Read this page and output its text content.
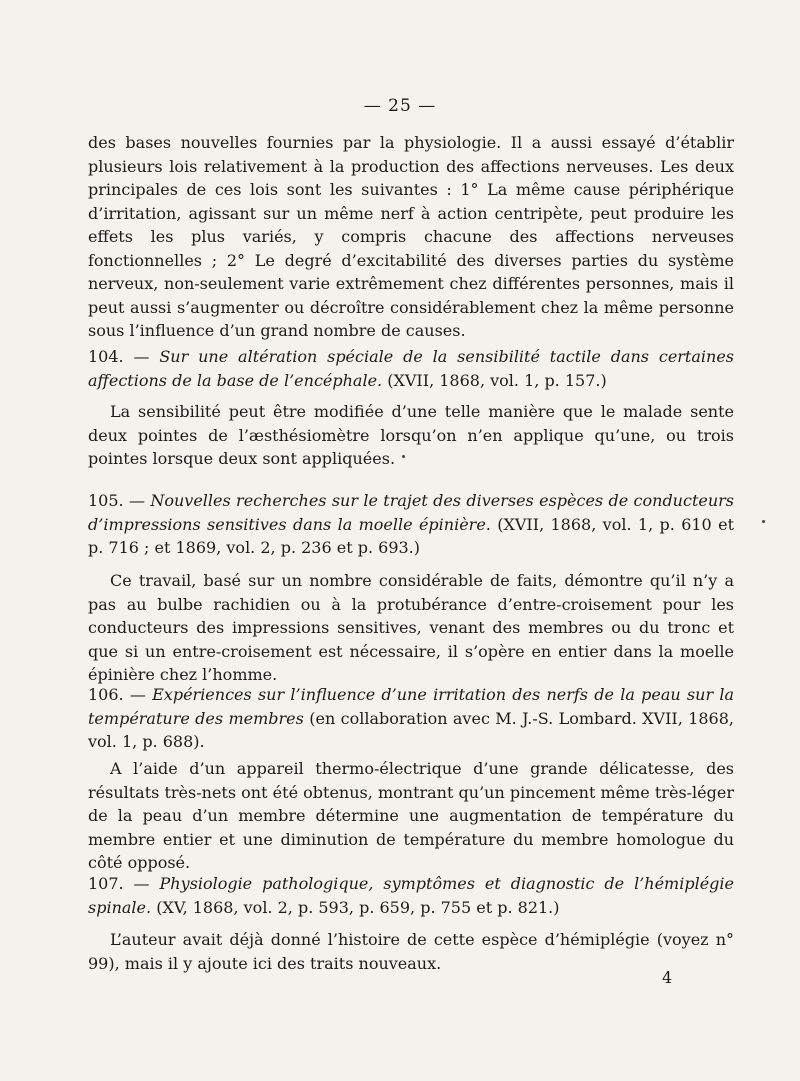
— 25 —

des bases nouvelles fournies par la physiologie. Il a aussi essayé d’établir plusieurs lois relativement à la production des affections nerveuses. Les deux principales de ces lois sont les suivantes : 1° La même cause périphérique d’irritation, agissant sur un même nerf à action centripète, peut produire les effets les plus variés, y compris chacune des affections nerveuses fonctionnelles ; 2° Le degré d’excitabilité des diverses parties du système nerveux, non-seulement varie extrêmement chez différentes personnes, mais il peut aussi s’augmenter ou décroître considérablement chez la même personne sous l’influence d’un grand nombre de causes.

104. — Sur une altération spéciale de la sensibilité tactile dans certaines affections de la base de l’encéphale. (XVII, 1868, vol. 1, p. 157.)

La sensibilité peut être modifiée d’une telle manière que le malade sente deux pointes de l’æsthésiomètre lorsqu’on n’en applique qu’une, ou trois pointes lorsque deux sont appliquées.

105. — Nouvelles recherches sur le trajet des diverses espèces de conducteurs d’impressions sensitives dans la moelle épinière. (XVII, 1868, vol. 1, p. 610 et p. 716 ; et 1869, vol. 2, p. 236 et p. 693.)

Ce travail, basé sur un nombre considérable de faits, démontre qu’il n’y a pas au bulbe rachidien ou à la protubérance d’entre-croisement pour les conducteurs des impressions sensitives, venant des membres ou du tronc et que si un entre-croisement est nécessaire, il s’opère en entier dans la moelle épinière chez l’homme.

106. — Expériences sur l’influence d’une irritation des nerfs de la peau sur la température des membres (en collaboration avec M. J.-S. Lombard. XVII, 1868, vol. 1, p. 688).

A l’aide d’un appareil thermo-électrique d’une grande délicatesse, des résultats très-nets ont été obtenus, montrant qu’un pincement même très-léger de la peau d’un membre détermine une augmentation de température du membre entier et une diminution de température du membre homologue du côté opposé.

107. — Physiologie pathologique, symptômes et diagnostic de l’hémiplégie spinale. (XV, 1868, vol. 2, p. 593, p. 659, p. 755 et p. 821.)

L’auteur avait déjà donné l’histoire de cette espèce d’hémiplégie (voyez n° 99), mais il y ajoute ici des traits nouveaux.

4
